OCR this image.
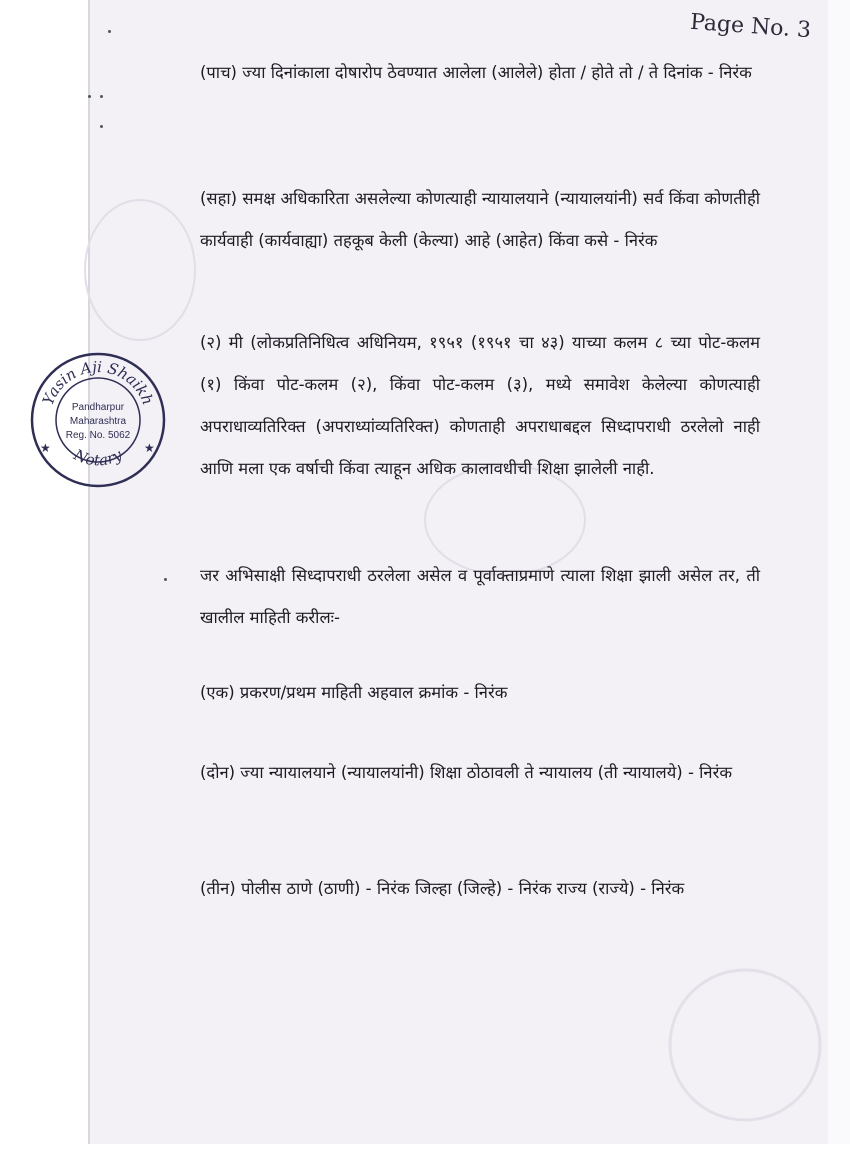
Page No. 3

(पाच) ज्या दिनांकाला दोषारोप ठेवण्यात आलेला (आलेले) होता / होते तो / ते दिनांक - निरंक

(सहा) समक्ष अधिकारिता असलेल्या कोणत्याही न्यायालयाने (न्यायालयांनी) सर्व किंवा कोणतीही कार्यवाही (कार्यवाह्या) तहकूब केली (केल्या) आहे (आहेत) किंवा कसे - निरंक

(२) मी (लोकप्रतिनिधित्व अधिनियम, १९५१ (१९५१ चा ४३) याच्या कलम ८ च्या पोट-कलम (१) किंवा पोट-कलम (२), किंवा पोट-कलम (३), मध्ये समावेश केलेल्या कोणत्याही अपराधाव्यतिरिक्त (अपराध्यांव्यतिरिक्त) कोणताही अपराधाबद्दल सिध्दापराधी ठरलेलो नाही आणि मला एक वर्षाची किंवा त्याहून अधिक कालावधीची शिक्षा झालेली नाही.

जर अभिसाक्षी सिध्दापराधी ठरलेला असेल व पूर्वाक्ताप्रमाणे त्याला शिक्षा झाली असेल तर, ती खालील माहिती करीलः-

(एक) प्रकरण/प्रथम माहिती अहवाल क्रमांक - निरंक

(दोन) ज्या न्यायालयाने (न्यायालयांनी) शिक्षा ठोठावली ते न्यायालय (ती न्यायालये) - निरंक

(तीन) पोलीस ठाणे (ठाणी) - निरंक जिल्हा (जिल्हे) - निरंक राज्य (राज्ये) - निरंक

Yasin Aji Shaikh
Notary
Pandharpur
Maharashtra
Reg. No. 5062
★	★
